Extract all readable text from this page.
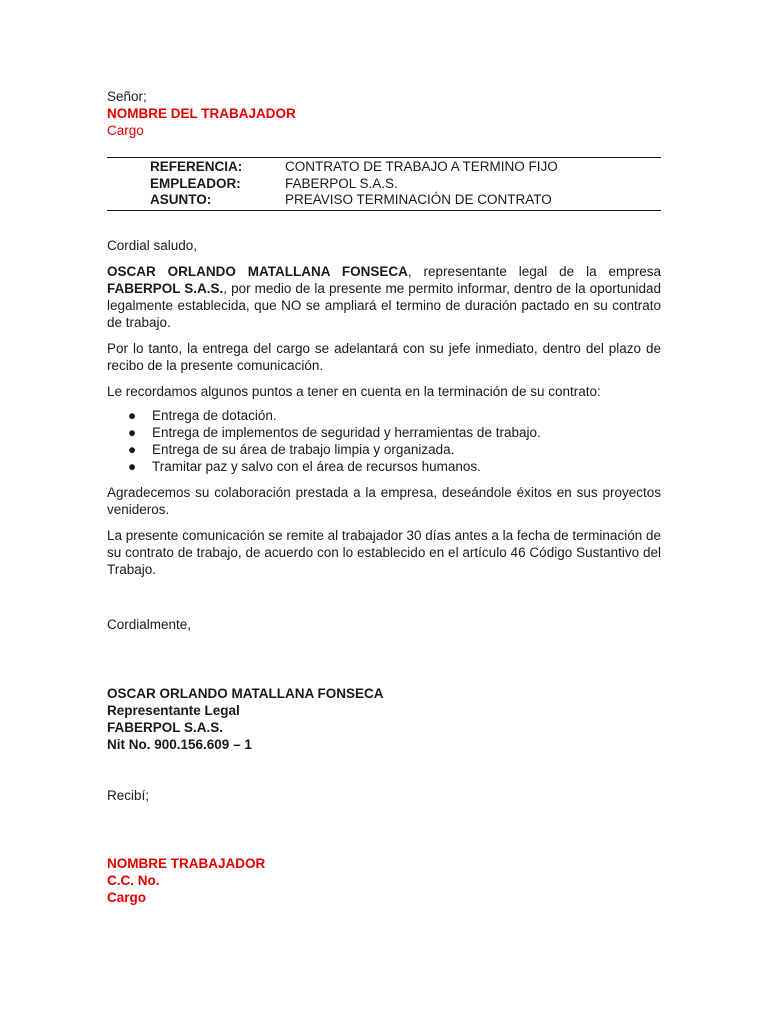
Señor;
NOMBRE DEL TRABAJADOR
Cargo
REFERENCIA:	CONTRATO DE TRABAJO A TERMINO FIJO
EMPLEADOR:	FABERPOL S.A.S.
ASUNTO:	PREAVISO TERMINACIÓN DE CONTRATO

Cordial saludo,

OSCAR ORLANDO MATALLANA FONSECA, representante legal de la empresa FABERPOL S.A.S., por medio de la presente me permito informar, dentro de la oportunidad legalmente establecida, que NO se ampliará el termino de duración pactado en su contrato de trabajo.

Por lo tanto, la entrega del cargo se adelantará con su jefe inmediato, dentro del plazo de recibo de la presente comunicación.

Le recordamos algunos puntos a tener en cuenta en la terminación de su contrato:

● Entrega de dotación.
● Entrega de implementos de seguridad y herramientas de trabajo.
● Entrega de su área de trabajo limpia y organizada.
● Tramitar paz y salvo con el área de recursos humanos.

Agradecemos su colaboración prestada a la empresa, deseándole éxitos en sus proyectos venideros.

La presente comunicación se remite al trabajador 30 días antes a la fecha de terminación de su contrato de trabajo, de acuerdo con lo establecido en el artículo 46 Código Sustantivo del Trabajo.

Cordialmente,

OSCAR ORLANDO MATALLANA FONSECA
Representante Legal
FABERPOL S.A.S.
Nit No. 900.156.609 – 1

Recibí;

NOMBRE TRABAJADOR
C.C. No.
Cargo
